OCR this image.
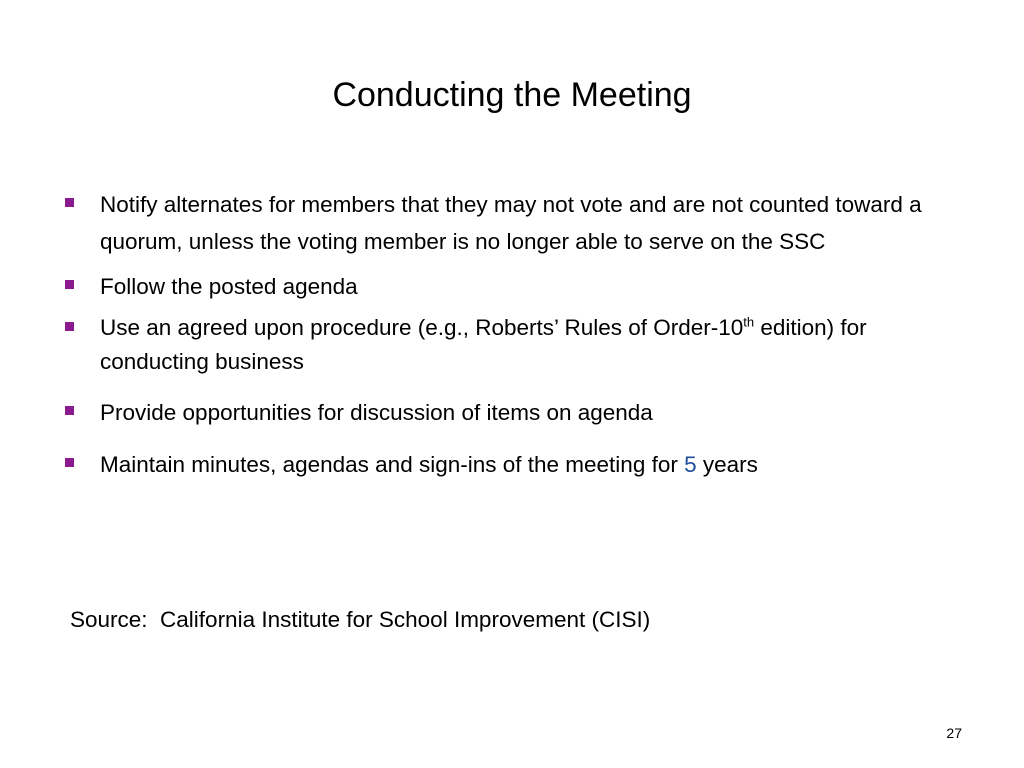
Conducting the Meeting
Notify alternates for members that they may not vote and are not counted toward a quorum, unless the voting member is no longer able to serve on the SSC
Follow the posted agenda
Use an agreed upon procedure (e.g., Roberts’ Rules of Order-10th edition) for conducting business
Provide opportunities for discussion of items on agenda
Maintain minutes, agendas and sign-ins of the meeting for 5 years
Source:  California Institute for School Improvement (CISI)
27
